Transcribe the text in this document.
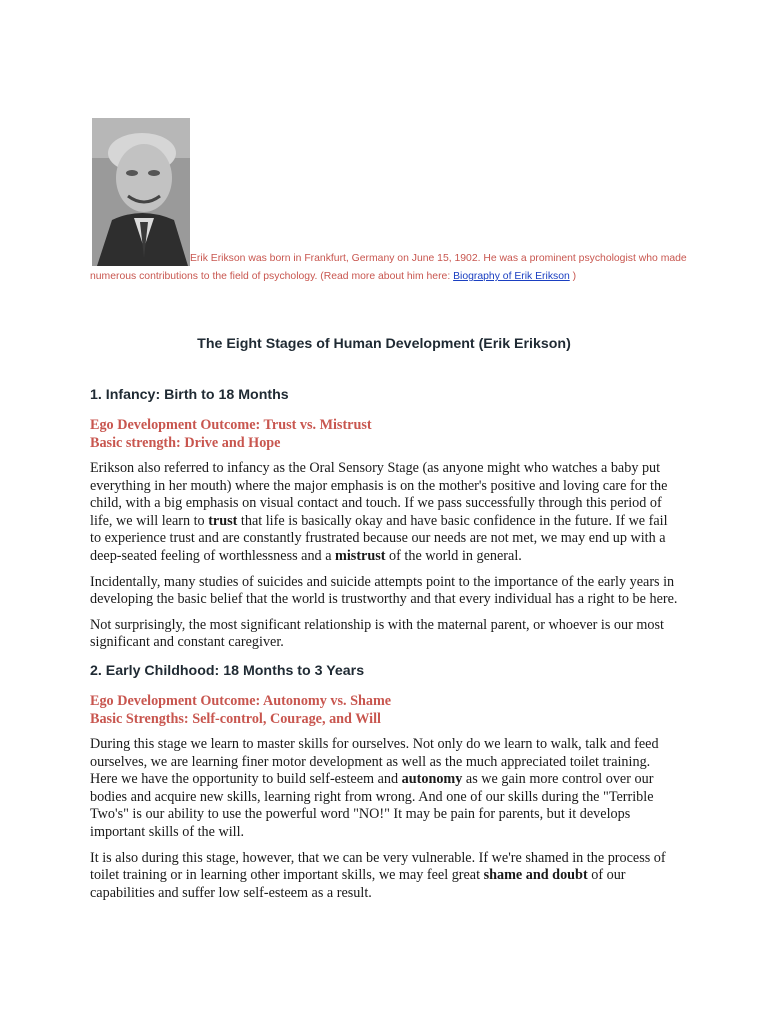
Erik Erikson was born in Frankfurt, Germany on June 15, 1902. He was a prominent psychologist who made numerous contributions to the field of psychology. (Read more about him here: Biography of Erik Erikson )
The Eight Stages of Human Development (Erik Erikson)
1. Infancy: Birth to 18 Months
Ego Development Outcome: Trust vs. Mistrust
Basic strength: Drive and Hope

Erikson also referred to infancy as the Oral Sensory Stage (as anyone might who watches a baby put everything in her mouth) where the major emphasis is on the mother's positive and loving care for the child, with a big emphasis on visual contact and touch. If we pass successfully through this period of life, we will learn to trust that life is basically okay and have basic confidence in the future. If we fail to experience trust and are constantly frustrated because our needs are not met, we may end up with a deep-seated feeling of worthlessness and a mistrust of the world in general.

Incidentally, many studies of suicides and suicide attempts point to the importance of the early years in developing the basic belief that the world is trustworthy and that every individual has a right to be here.

Not surprisingly, the most significant relationship is with the maternal parent, or whoever is our most significant and constant caregiver.

2. Early Childhood: 18 Months to 3 Years
Ego Development Outcome: Autonomy vs. Shame
Basic Strengths: Self-control, Courage, and Will

During this stage we learn to master skills for ourselves. Not only do we learn to walk, talk and feed ourselves, we are learning finer motor development as well as the much appreciated toilet training. Here we have the opportunity to build self-esteem and autonomy as we gain more control over our bodies and acquire new skills, learning right from wrong. And one of our skills during the "Terrible Two's" is our ability to use the powerful word "NO!" It may be pain for parents, but it develops important skills of the will.

It is also during this stage, however, that we can be very vulnerable. If we're shamed in the process of toilet training or in learning other important skills, we may feel great shame and doubt of our capabilities and suffer low self-esteem as a result.
